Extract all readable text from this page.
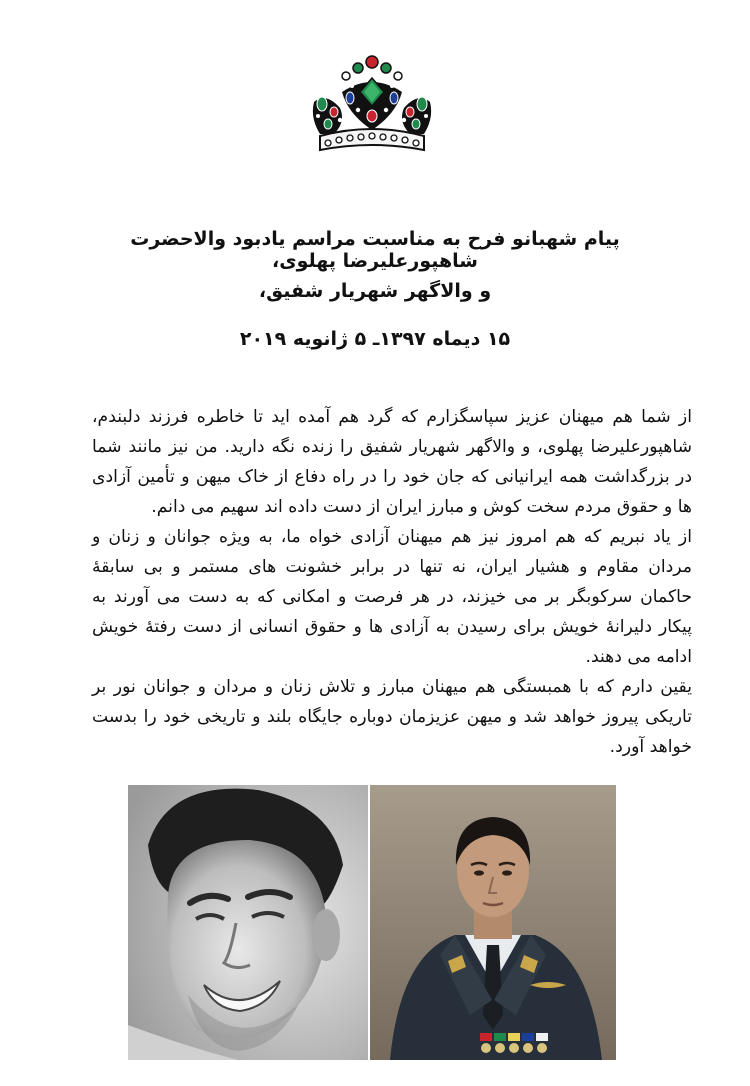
پیام شهبانو فرح به مناسبت مراسم یادبود والاحضرت شاهپورعلیرضا پهلوی،
و والاگهر شهریار شفیق،
۱۵ دیماه ۱۳۹۷ـ ۵ ژانویه ۲۰۱۹

از شما هم میهنان عزیز سپاسگزارم که گرد هم آمده اید تا خاطره فرزند دلبندم، شاهپورعلیرضا پهلوی، و والاگهر شهریار شفیق را زنده نگه دارید. من نیز مانند شما در بزرگداشت همه ایرانیانی که جان خود را در راه دفاع از خاک میهن و تأمین آزادی ها و حقوق مردم سخت کوش و مبارز ایران از دست داده اند سهیم می دانم.

از یاد نبریم که هم امروز نیز هم میهنان آزادی خواه ما، به ویژه جوانان و زنان و مردان مقاوم و هشیار ایران، نه تنها در برابر خشونت های مستمر و بی سابقهٔ حاکمان سرکوبگر بر می خیزند، در هر فرصت و امکانی که به دست می آورند به پیکار دلیرانهٔ خویش برای رسیدن به آزادی ها و حقوق انسانی از دست رفتهٔ خویش ادامه می دهند.

یقین دارم که با همبستگی هم میهنان مبارز و تلاش زنان و مردان و جوانان نور بر تاریکی پیروز خواهد شد و میهن عزیزمان دوباره جایگاه بلند و تاریخی خود را بدست خواهد آورد.
